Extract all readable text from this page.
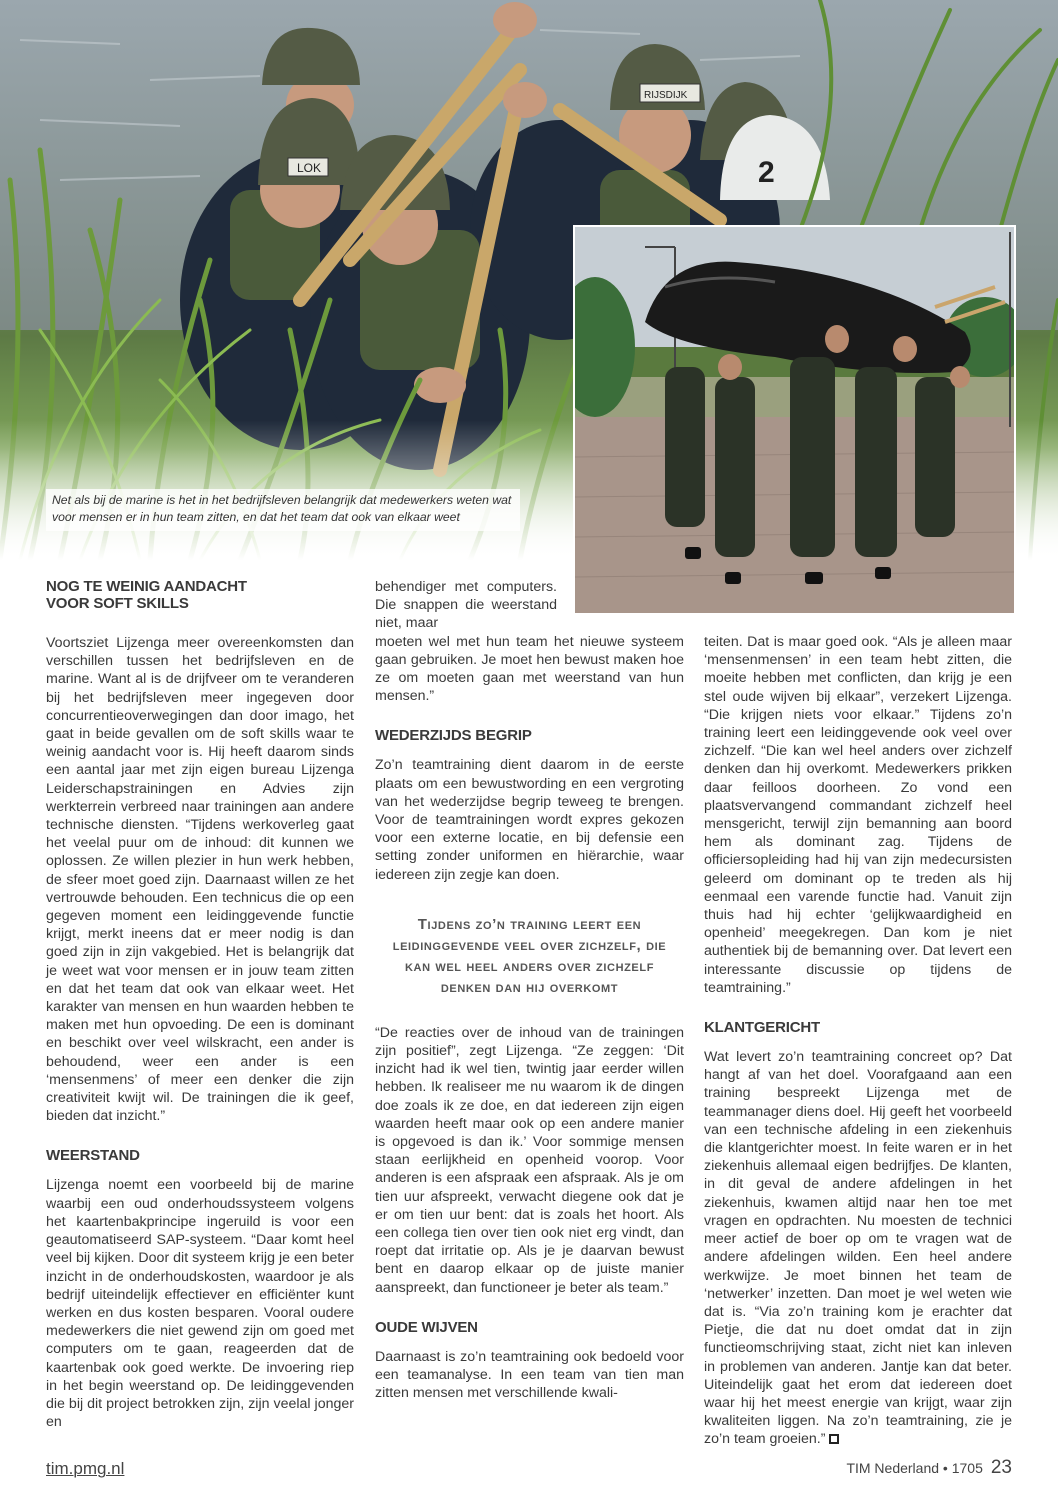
Net als bij de marine is het in het bedrijfsleven belangrijk dat medewerkers weten wat voor mensen er in hun team zitten, en dat het team dat ook van elkaar weet

NOG TE WEINIG AANDACHT

VOOR SOFT SKILLS

Voortsziet Lijzenga meer overeenkomsten dan verschillen tussen het bedrijfsleven en de marine. Want al is de drijfveer om te veranderen bij het bedrijfsleven meer ingegeven door concurrentieoverwegingen dan door imago, het gaat in beide gevallen om de soft skills waar te weinig aandacht voor is. Hij heeft daarom sinds een aantal jaar met zijn eigen bureau Lijzenga Leiderschapstrainingen en Advies zijn werkterrein verbreed naar trainingen aan andere technische diensten. “Tijdens werkoverleg gaat het veelal puur om de inhoud: dit kunnen we oplossen. Ze willen plezier in hun werk hebben, de sfeer moet goed zijn. Daarnaast willen ze het vertrouwde behouden. Een technicus die op een gegeven moment een leidinggevende functie krijgt, merkt ineens dat er meer nodig is dan goed zijn in zijn vakgebied. Het is belangrijk dat je weet wat voor mensen er in jouw team zitten en dat het team dat ook van elkaar weet. Het karakter van mensen en hun waarden hebben te maken met hun opvoeding. De een is dominant en beschikt over veel wilskracht, een ander is behoudend, weer een ander is een ‘mensenmens’ of meer een denker die zijn creativiteit kwijt wil. De trainingen die ik geef, bieden dat inzicht.”

WEERSTAND

Lijzenga noemt een voorbeeld bij de marine waarbij een oud onderhoudssysteem volgens het kaartenbakprincipe ingeruild is voor een geautomatiseerd SAP-systeem. “Daar komt heel veel bij kijken. Door dit systeem krijg je een beter inzicht in de onderhoudskosten, waardoor je als bedrijf uiteindelijk effectiever en efficiënter kunt werken en dus kosten besparen. Vooral oudere medewerkers die niet gewend zijn om goed met computers om te gaan, reageerden dat de kaartenbak ook goed werkte. De invoering riep in het begin weerstand op. De leidinggevenden die bij dit project betrokken zijn, zijn veelal jonger en

behendiger met computers. Die snappen die weerstand niet, maar

moeten wel met hun team het nieuwe systeem gaan gebruiken. Je moet hen bewust maken hoe ze om moeten gaan met weerstand van hun mensen.”

WEDERZIJDS BEGRIP

Zo’n teamtraining dient daarom in de eerste plaats om een bewustwording en een vergroting van het wederzijdse begrip teweeg te brengen. Voor de teamtrainingen wordt expres gekozen voor een externe locatie, en bij defensie een setting zonder uniformen en hiërarchie, waar iedereen zijn zegje kan doen.

Tijdens zo’n training leert een leidinggevende veel over zichzelf, die kan wel heel anders over zichzelf denken dan hij overkomt

“De reacties over de inhoud van de trainingen zijn positief”, zegt Lijzenga. “Ze zeggen: ‘Dit inzicht had ik wel tien, twintig jaar eerder willen hebben. Ik realiseer me nu waarom ik de dingen doe zoals ik ze doe, en dat iedereen zijn eigen waarden heeft maar ook op een andere manier is opgevoed is dan ik.’ Voor sommige mensen staan eerlijkheid en openheid voorop. Voor anderen is een afspraak een afspraak. Als je om tien uur afspreekt, verwacht diegene ook dat je er om tien uur bent: dat is zoals het hoort. Als een collega tien over tien ook niet erg vindt, dan roept dat irritatie op. Als je je daarvan bewust bent en daarop elkaar op de juiste manier aanspreekt, dan functioneer je beter als team.”

OUDE WIJVEN

Daarnaast is zo’n teamtraining ook bedoeld voor een teamanalyse. In een team van tien man zitten mensen met verschillende kwali-

teiten. Dat is maar goed ook. “Als je alleen maar ‘mensenmensen’ in een team hebt zitten, die moeite hebben met conflicten, dan krijg je een stel oude wijven bij elkaar”, verzekert Lijzenga. “Die krijgen niets voor elkaar.” Tijdens zo’n training leert een leidinggevende ook veel over zichzelf. “Die kan wel heel anders over zichzelf denken dan hij overkomt. Medewerkers prikken daar feilloos doorheen. Zo vond een plaatsvervangend commandant zichzelf heel mensgericht, terwijl zijn bemanning aan boord hem als dominant zag. Tijdens de officiersopleiding had hij van zijn medecursisten geleerd om dominant op te treden als hij eenmaal een varende functie had. Vanuit zijn thuis had hij echter ‘gelijkwaardigheid en openheid’ meegekregen. Dan kom je niet authentiek bij de bemanning over. Dat levert een interessante discussie op tijdens de teamtraining.”

KLANTGERICHT

Wat levert zo’n teamtraining concreet op? Dat hangt af van het doel. Voorafgaand aan een training bespreekt Lijzenga met de teammanager diens doel. Hij geeft het voorbeeld van een technische afdeling in een ziekenhuis die klantgerichter moest. In feite waren er in het ziekenhuis allemaal eigen bedrijfjes. De klanten, in dit geval de andere afdelingen in het ziekenhuis, kwamen altijd naar hen toe met vragen en opdrachten. Nu moesten de technici meer actief de boer op om te vragen wat de andere afdelingen wilden. Een heel andere werkwijze. Je moet binnen het team de ‘netwerker’ inzetten. Dan moet je wel weten wie dat is. “Via zo’n training kom je erachter dat Pietje, die dat nu doet omdat dat in zijn functieomschrijving staat, zicht niet kan inleven in problemen van anderen. Jantje kan dat beter. Uiteindelijk gaat het erom dat iedereen doet waar hij het meest energie van krijgt, waar zijn kwaliteiten liggen. Na zo’n teamtraining, zie je zo’n team groeien.”

tim.pmg.nl	TIM Nederland • 1705 23
